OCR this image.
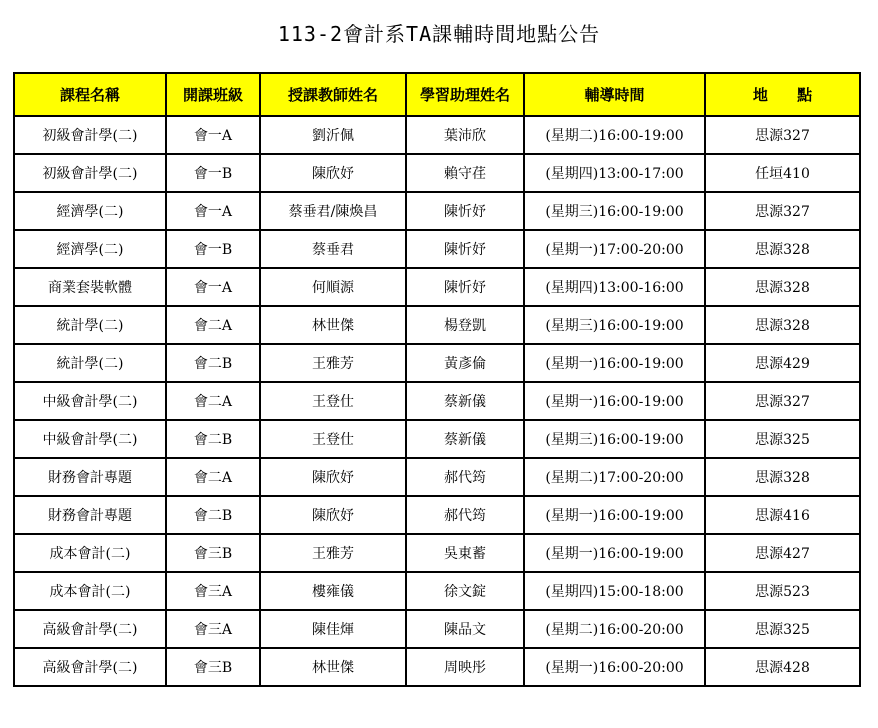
113-2會計系TA課輔時間地點公告
課程名稱	開課班級	授課教師姓名	學習助理姓名	輔導時間	地 點
初級會計學(二)	會一A	劉沂佩	葉沛欣	(星期二)16:00-19:00	思源327
初級會計學(二)	會一B	陳欣妤	賴守荏	(星期四)13:00-17:00	任垣410
經濟學(二)	會一A	蔡垂君/陳煥昌	陳忻妤	(星期三)16:00-19:00	思源327
經濟學(二)	會一B	蔡垂君	陳忻妤	(星期一)17:00-20:00	思源328
商業套裝軟體	會一A	何順源	陳忻妤	(星期四)13:00-16:00	思源328
統計學(二)	會二A	林世傑	楊登凱	(星期三)16:00-19:00	思源328
統計學(二)	會二B	王雅芳	黃彥倫	(星期一)16:00-19:00	思源429
中級會計學(二)	會二A	王登仕	蔡新儀	(星期一)16:00-19:00	思源327
中級會計學(二)	會二B	王登仕	蔡新儀	(星期三)16:00-19:00	思源325
財務會計專題	會二A	陳欣妤	郝代筠	(星期二)17:00-20:00	思源328
財務會計專題	會二B	陳欣妤	郝代筠	(星期一)16:00-19:00	思源416
成本會計(二)	會三B	王雅芳	吳東蓄	(星期一)16:00-19:00	思源427
成本會計(二)	會三A	樓雍儀	徐文錠	(星期四)15:00-18:00	思源523
高級會計學(二)	會三A	陳佳煇	陳品文	(星期二)16:00-20:00	思源325
高級會計學(二)	會三B	林世傑	周映彤	(星期一)16:00-20:00	思源428
